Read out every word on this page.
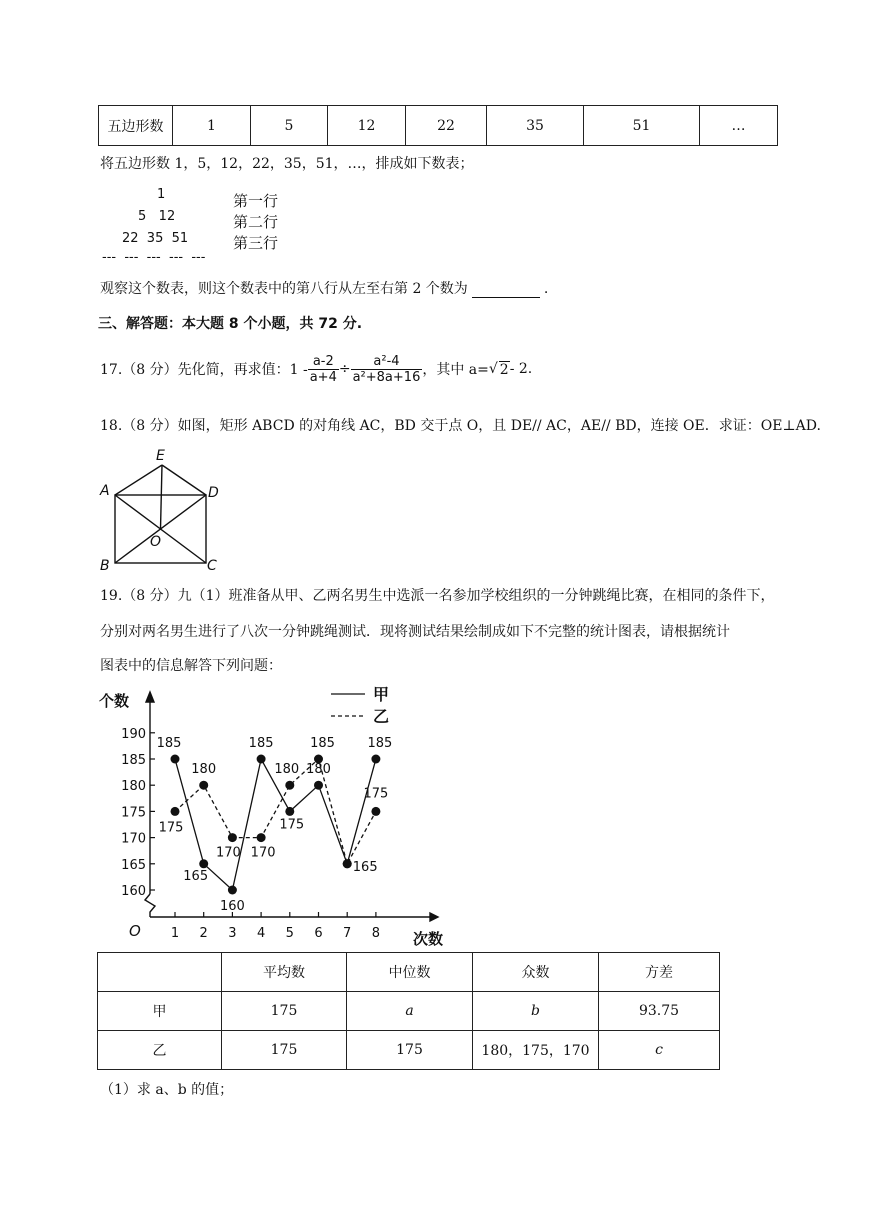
五边形数	1	5	12	22	35	51	…
将五边形数 1，5，12，22，35，51，…，排成如下数表；
1	第一行
5   12	第二行
22  35  51	第三行
---  ---  ---  ---  ---
观察这个数表，则这个数表中的第八行从左至右第 2 个数为	.
三、解答题：本大题 8 个小题，共 72 分.
17.（8 分）先化简，再求值：$1 - \frac{a-2}{a+4} \div \frac{\text{a²-4}}{\text{a²+8a+16}}$ ，其中 a= √ 2 - 2.
18.（8 分）如图，矩形 ABCD 的对角线 AC，BD 交于点 O，且 DE// AC，AE// BD，连接 OE．求证：OE⊥AD.
E
A	D
O
B	C
19.（8 分）九（1）班准备从甲、乙两名男生中选派一名参加学校组织的一分钟跳绳比赛，在相同的条件下，
分别对两名男生进行了八次一分钟跳绳测试．现将测试结果绘制成如下不完整的统计图表，请根据统计
图表中的信息解答下列问题：
160
165
170
175
180
185
190
1 2 3 4 5 6 7 8
个数
次数
O
甲
乙
185
165
160
185
175
180
165
185
175
180
170 170
180
185
175
	平均数	中位数	众数	方差
甲	175	a	b	93.75
乙	175	175	180，175，170	c
（1）求 a、b 的值；
